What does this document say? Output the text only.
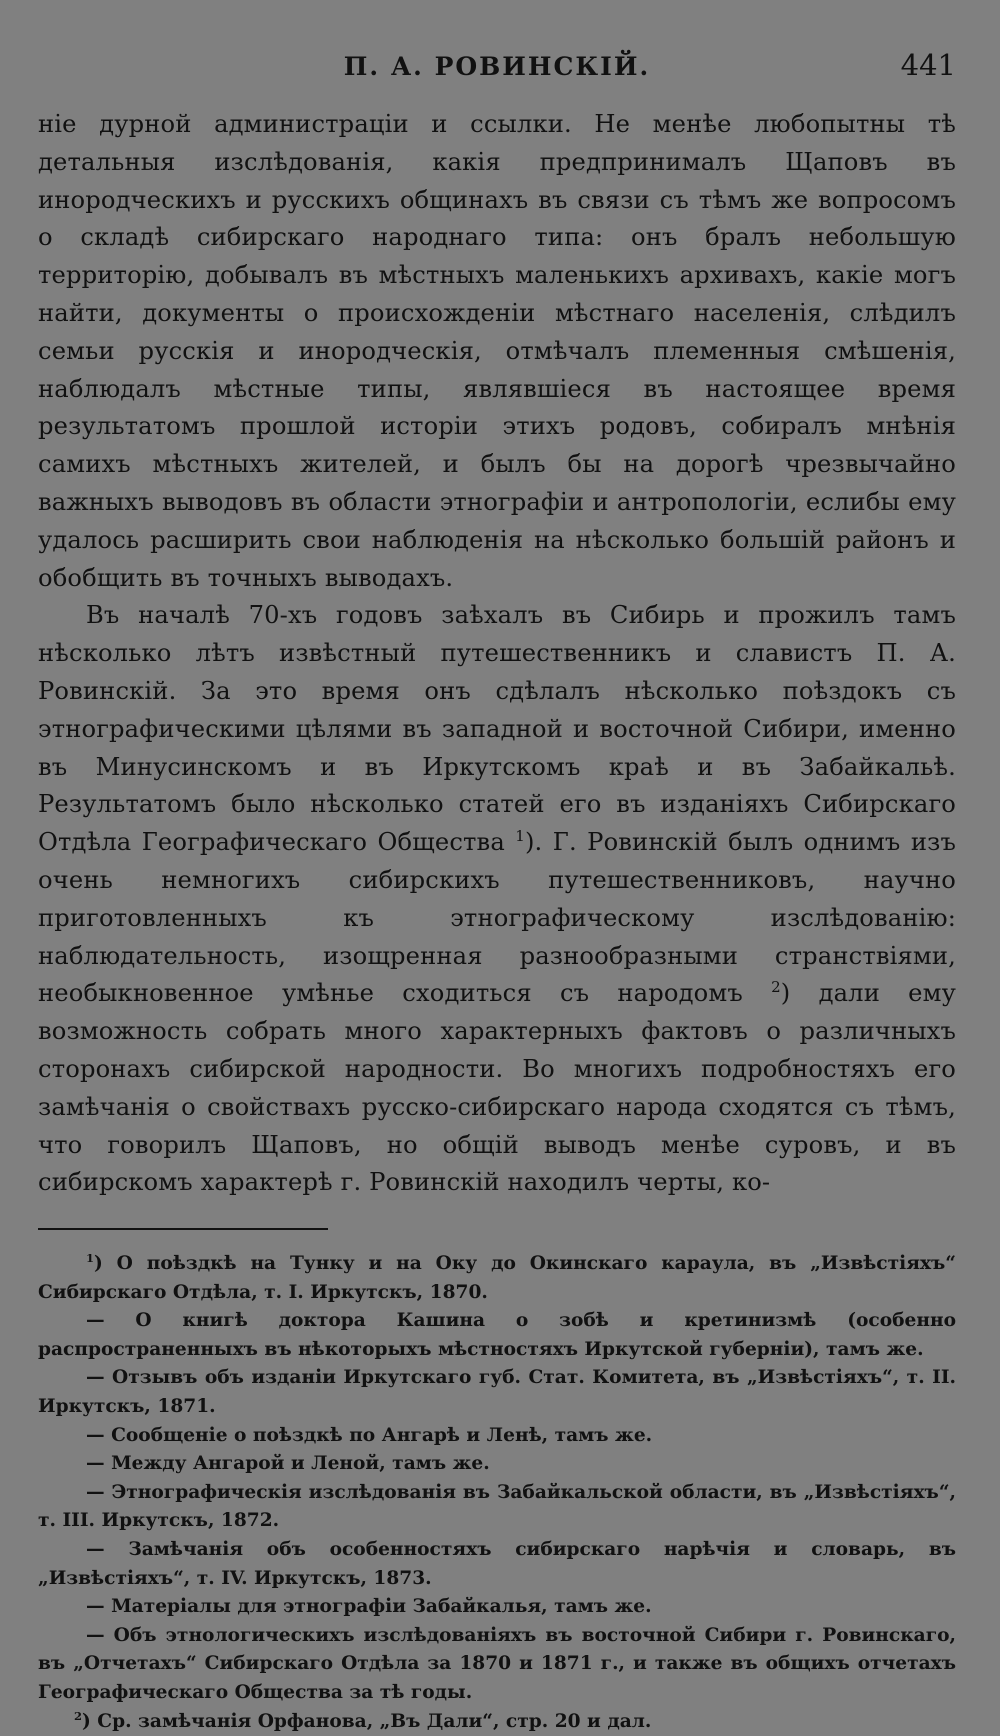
П. А. РОВИНСКІЙ.	441

ніе дурной администраціи и ссылки. Не менѣе любопытны тѣ детальныя изслѣдованія, какія предпринималъ Щаповъ въ инородческихъ и русскихъ общинахъ въ связи съ тѣмъ же вопросомъ о складѣ сибирскаго народнаго типа: онъ бралъ небольшую территорію, добывалъ въ мѣстныхъ маленькихъ архивахъ, какіе могъ найти, документы о происхожденіи мѣстнаго населенія, слѣдилъ семьи русскія и инородческія, отмѣчалъ племенныя смѣшенія, наблюдалъ мѣстные типы, являвшіеся въ настоящее время результатомъ прошлой исторіи этихъ родовъ, собиралъ мнѣнія самихъ мѣстныхъ жителей, и былъ бы на дорогѣ чрезвычайно важныхъ выводовъ въ области этнографіи и антропологіи, еслибы ему удалось расширить свои наблюденія на нѣсколько большій районъ и обобщить въ точныхъ выводахъ.

Въ началѣ 70-хъ годовъ заѣхалъ въ Сибирь и прожилъ тамъ нѣсколько лѣтъ извѣстный путешественникъ и славистъ П. А. Ровинскій. За это время онъ сдѣлалъ нѣсколько поѣздокъ съ этнографическими цѣлями въ западной и восточной Сибири, именно въ Минусинскомъ и въ Иркутскомъ краѣ и въ Забайкальѣ. Результатомъ было нѣсколько статей его въ изданіяхъ Сибирскаго Отдѣла Географическаго Общества $^1$). Г. Ровинскій былъ однимъ изъ очень немногихъ сибирскихъ путешественниковъ, научно приготовленныхъ къ этнографическому изслѣдованію: наблюдательность, изощренная разнообразными странствіями, необыкновенное умѣнье сходиться съ народомъ $^2$) дали ему возможность собрать много характерныхъ фактовъ о различныхъ сторонахъ сибирской народности. Во многихъ подробностяхъ его замѣчанія о свойствахъ русско-сибирскаго народа сходятся съ тѣмъ, что говорилъ Щаповъ, но общій выводъ менѣе суровъ, и въ сибирскомъ характерѣ г. Ровинскій находилъ черты, ко-

$^1$) О поѣздкѣ на Тунку и на Оку до Окинскаго караула, въ „Извѣстіяхъ“ Сибирскаго Отдѣла, т. I. Иркутскъ, 1870.

— О книгѣ доктора Кашина о зобѣ и кретинизмѣ (особенно распространенныхъ въ нѣкоторыхъ мѣстностяхъ Иркутской губерніи), тамъ же.

— Отзывъ объ изданіи Иркутскаго губ. Стат. Комитета, въ „Извѣстіяхъ“, т. II. Иркутскъ, 1871.

— Сообщеніе о поѣздкѣ по Ангарѣ и Ленѣ, тамъ же.

— Между Ангарой и Леной, тамъ же.

— Этнографическія изслѣдованія въ Забайкальской области, въ „Извѣстіяхъ“, т. III. Иркутскъ, 1872.

— Замѣчанія объ особенностяхъ сибирскаго нарѣчія и словарь, въ „Извѣстіяхъ“, т. IV. Иркутскъ, 1873.

— Матеріалы для этнографіи Забайкалья, тамъ же.

— Объ этнологическихъ изслѣдованіяхъ въ восточной Сибири г. Ровинскаго, въ „Отчетахъ“ Сибирскаго Отдѣла за 1870 и 1871 г., и также въ общихъ отчетахъ Географическаго Общества за тѣ годы.

$^2$) Ср. замѣчанія Орфанова, „Въ Дали“, стр. 20 и дал.
